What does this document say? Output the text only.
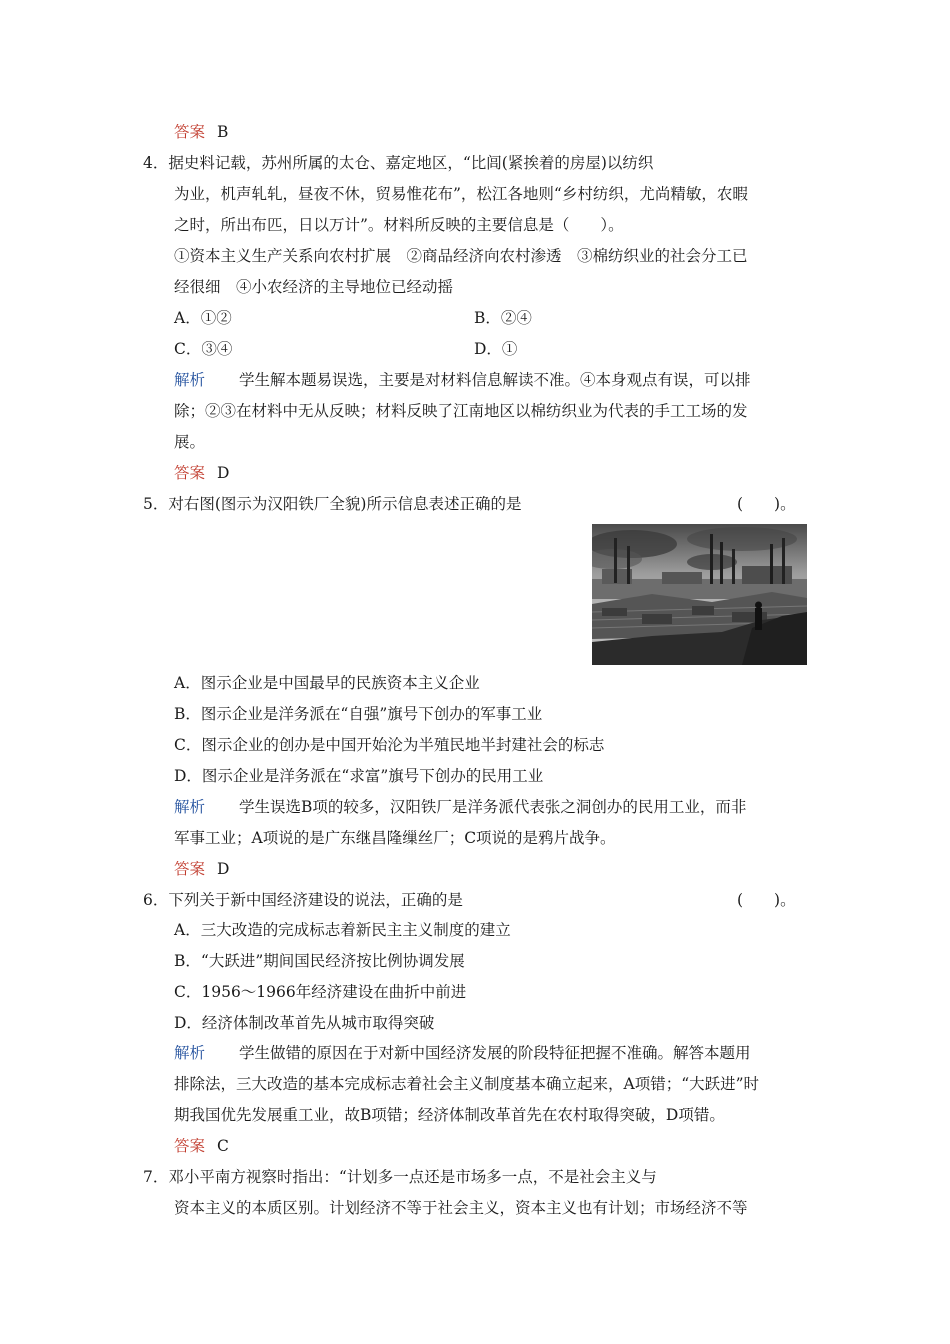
答案 B
4．据史料记载，苏州所属的太仓、嘉定地区，“比闾(紧挨着的房屋)以纺织
为业，机声轧轧，昼夜不休，贸易惟花布”，松江各地则“乡村纺织，尤尚精敏，农暇
之时，所出布匹，日以万计”。材料所反映的主要信息是（　　）。
①资本主义生产关系向农村扩展　②商品经济向农村渗透　③棉纺织业的社会分工已
经很细　④小农经济的主导地位已经动摇
A．①②	B．②④
C．③④	D．①
解析 学生解本题易误选，主要是对材料信息解读不准。④本身观点有误，可以排
除；②③在材料中无从反映；材料反映了江南地区以棉纺织业为代表的手工工场的发
展。
答案 D
5．对右图(图示为汉阳铁厂全貌)所示信息表述正确的是	(　　)。
A．图示企业是中国最早的民族资本主义企业
B．图示企业是洋务派在“自强”旗号下创办的军事工业
C．图示企业的创办是中国开始沦为半殖民地半封建社会的标志
D．图示企业是洋务派在“求富”旗号下创办的民用工业
解析 学生误选B项的较多，汉阳铁厂是洋务派代表张之洞创办的民用工业，而非
军事工业；A项说的是广东继昌隆缫丝厂；C项说的是鸦片战争。
答案 D
6．下列关于新中国经济建设的说法，正确的是	(　　)。
A．三大改造的完成标志着新民主主义制度的建立
B．“大跃进”期间国民经济按比例协调发展
C．1956～1966年经济建设在曲折中前进
D．经济体制改革首先从城市取得突破
解析 学生做错的原因在于对新中国经济发展的阶段特征把握不准确。解答本题用
排除法，三大改造的基本完成标志着社会主义制度基本确立起来，A项错；“大跃进”时
期我国优先发展重工业，故B项错；经济体制改革首先在农村取得突破，D项错。
答案 C
7．邓小平南方视察时指出：“计划多一点还是市场多一点，不是社会主义与
资本主义的本质区别。计划经济不等于社会主义，资本主义也有计划；市场经济不等
